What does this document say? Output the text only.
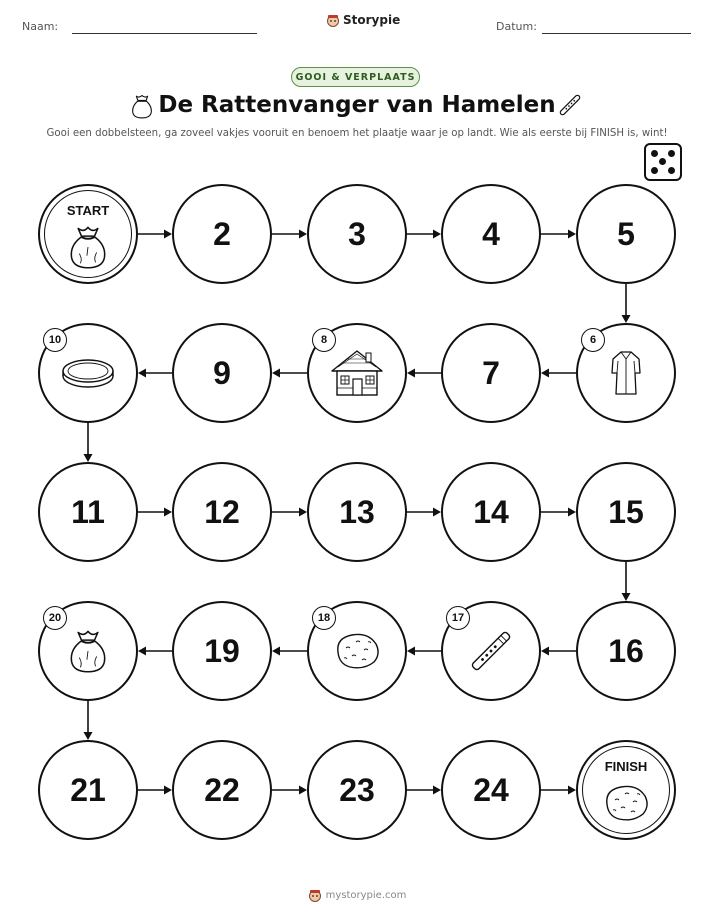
Naam:	Storypie	Datum:
GOOI & VERPLAATS
De Rattenvanger van Hamelen
Gooi een dobbelsteen, ga zoveel vakjes vooruit en benoem het plaatje waar je op landt. Wie als eerste bij FINISH is, wint!
START
2	3	4	5
6
7
8
9
10
11	12	13	14	15
16
17
18
19
20
21	22	23	24
FINISH
mystorypie.com
